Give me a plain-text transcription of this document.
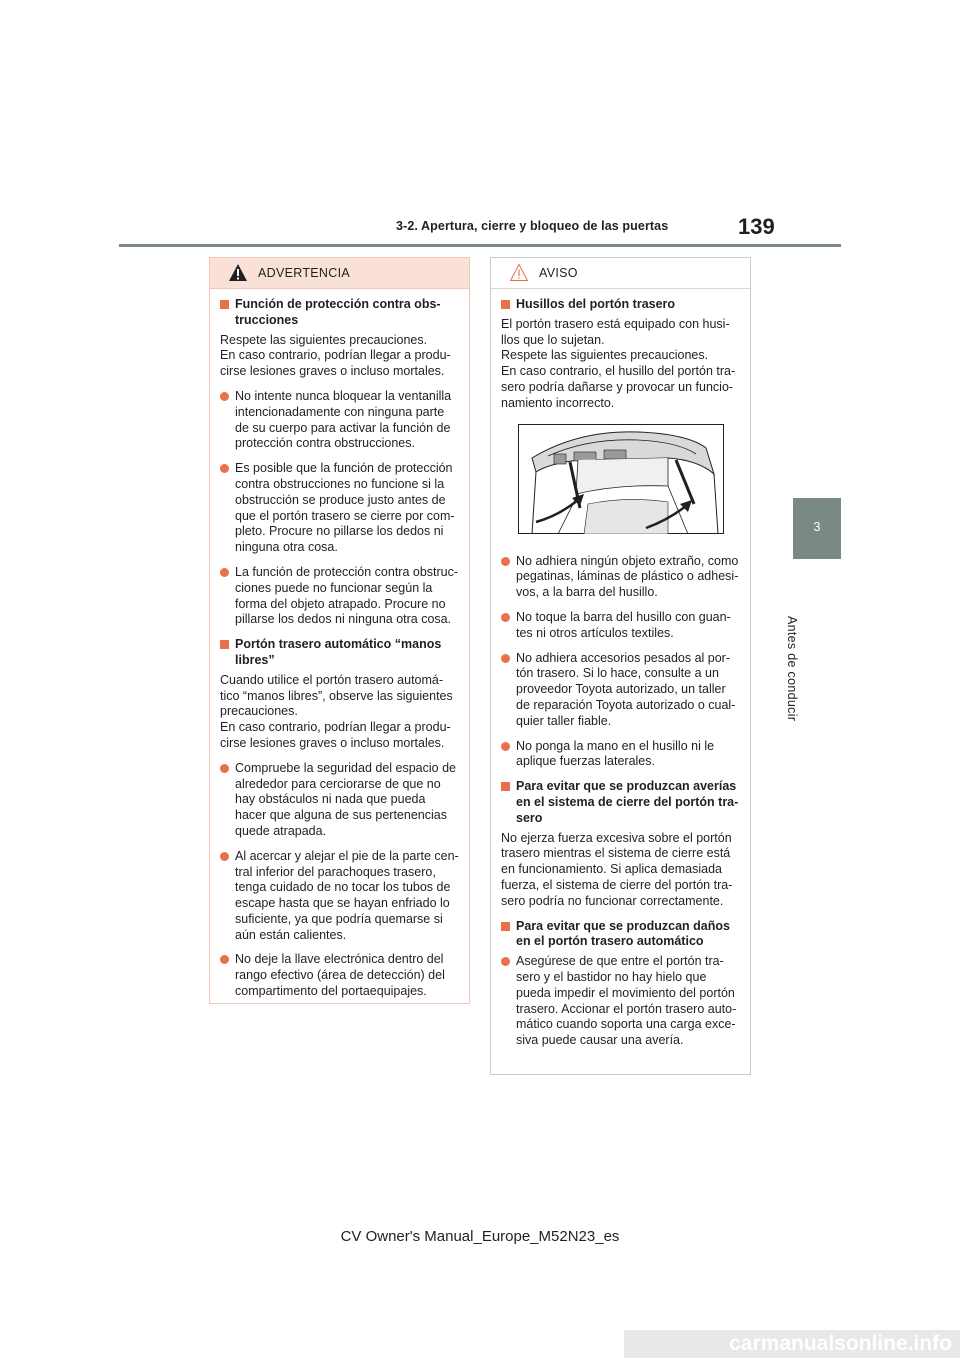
3-2. Apertura, cierre y bloqueo de las puertas	139
3
Antes de conducir
ADVERTENCIA
Función de protección contra obs-
trucciones

Respete las siguientes precauciones.
En caso contrario, podrían llegar a produ-
cirse lesiones graves o incluso mortales.

No intente nunca bloquear la ventanilla
intencionadamente con ninguna parte
de su cuerpo para activar la función de
protección contra obstrucciones.
Es posible que la función de protección
contra obstrucciones no funcione si la
obstrucción se produce justo antes de
que el portón trasero se cierre por com-
pleto. Procure no pillarse los dedos ni
ninguna otra cosa.
La función de protección contra obstruc-
ciones puede no funcionar según la
forma del objeto atrapado. Procure no
pillarse los dedos ni ninguna otra cosa.
Portón trasero automático “manos
libres”

Cuando utilice el portón trasero automá-
tico “manos libres”, observe las siguientes
precauciones.
En caso contrario, podrían llegar a produ-
cirse lesiones graves o incluso mortales.

Compruebe la seguridad del espacio de
alrededor para cerciorarse de que no
hay obstáculos ni nada que pueda
hacer que alguna de sus pertenencias
quede atrapada.
Al acercar y alejar el pie de la parte cen-
tral inferior del parachoques trasero,
tenga cuidado de no tocar los tubos de
escape hasta que se hayan enfriado lo
suficiente, ya que podría quemarse si
aún están calientes.
No deje la llave electrónica dentro del
rango efectivo (área de detección) del
compartimento del portaequipajes.
AVISO
Husillos del portón trasero

El portón trasero está equipado con husi-
llos que lo sujetan.
Respete las siguientes precauciones.
En caso contrario, el husillo del portón tra-
sero podría dañarse y provocar un funcio-
namiento incorrecto.

No adhiera ningún objeto extraño, como
pegatinas, láminas de plástico o adhesi-
vos, a la barra del husillo.
No toque la barra del husillo con guan-
tes ni otros artículos textiles.
No adhiera accesorios pesados al por-
tón trasero. Si lo hace, consulte a un
proveedor Toyota autorizado, un taller
de reparación Toyota autorizado o cual-
quier taller fiable.
No ponga la mano en el husillo ni le
aplique fuerzas laterales.
Para evitar que se produzcan averías
en el sistema de cierre del portón tra-
sero

No ejerza fuerza excesiva sobre el portón
trasero mientras el sistema de cierre está
en funcionamiento. Si aplica demasiada
fuerza, el sistema de cierre del portón tra-
sero podría no funcionar correctamente.

Para evitar que se produzcan daños
en el portón trasero automático
Asegúrese de que entre el portón tra-
sero y el bastidor no hay hielo que
pueda impedir el movimiento del portón
trasero. Accionar el portón trasero auto-
mático cuando soporta una carga exce-
siva puede causar una avería.
CV Owner's Manual_Europe_M52N23_es
carmanualsonline.info
